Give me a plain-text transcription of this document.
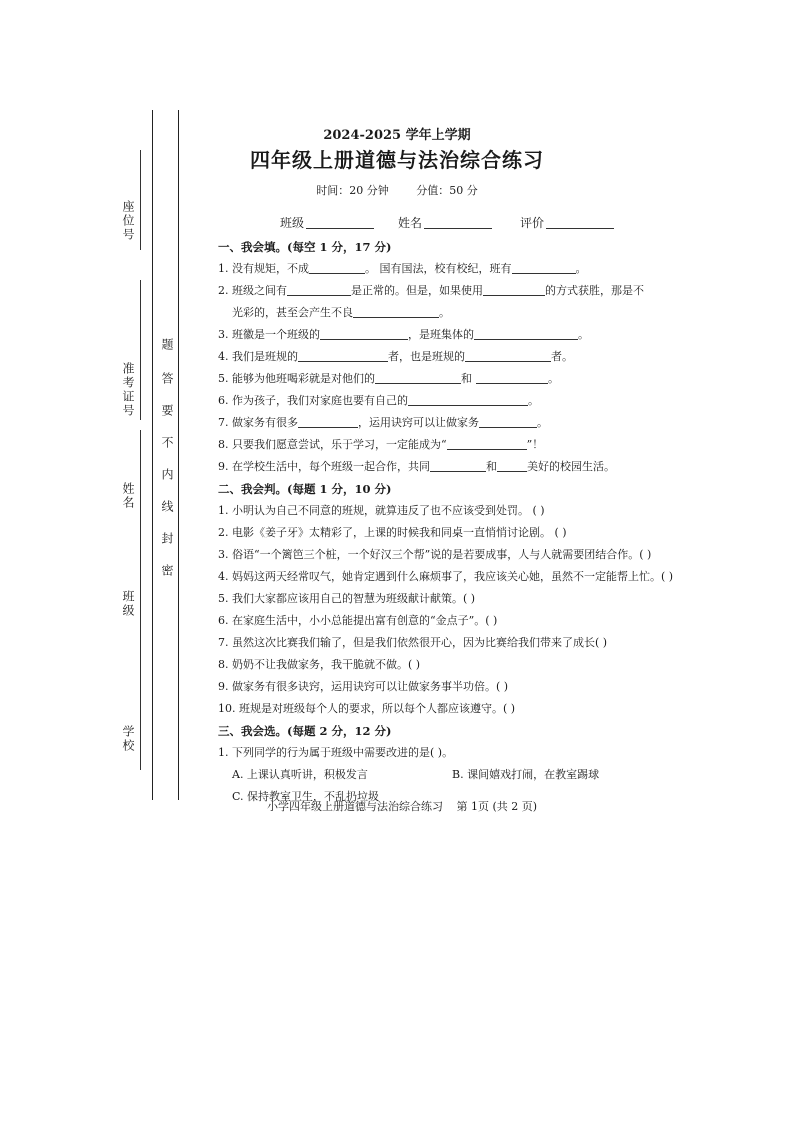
座位号
准考证号
姓名
班级
学校
题
答
要
不
内
线
封
密
2024-2025 学年上学期
四年级上册道德与法治综合练习
时间：20 分钟	分值：50 分
班级	姓名	评价
一、我会填。(每空 1 分，17 分)
1. 没有规矩，不成	。 国有国法，校有校纪，班有	。
2. 班级之间有	是正常的。但是，如果使用	的方式获胜，那是不
光彩的，甚至会产生不良	。
3. 班徽是一个班级的	，是班集体的	。
4. 我们是班规的	者，也是班规的	者。
5. 能够为他班喝彩就是对他们的	和	。
6. 作为孩子，我们对家庭也要有自己的	。
7. 做家务有很多	，运用诀窍可以让做家务	。
8. 只要我们愿意尝试，乐于学习，一定能成为“	”！
9. 在学校生活中，每个班级一起合作，共同	和	美好的校园生活。
二、我会判。(每题 1 分，10 分)
1. 小明认为自己不同意的班规，就算违反了也不应该受到处罚。 ( )
2. 电影《姜子牙》太精彩了，上课的时候我和同桌一直悄悄讨论剧。 ( )
3. 俗语“一个篱笆三个桩，一个好汉三个帮”说的是若要成事，人与人就需要团结合作。( )
4. 妈妈这两天经常叹气，她肯定遇到什么麻烦事了，我应该关心她，虽然不一定能帮上忙。( )
5. 我们大家都应该用自己的智慧为班级献计献策。( )
6. 在家庭生活中，小小总能提出富有创意的“金点子”。( )
7. 虽然这次比赛我们输了，但是我们依然很开心，因为比赛给我们带来了成长( )
8. 奶奶不让我做家务，我干脆就不做。( )
9. 做家务有很多诀窍，运用诀窍可以让做家务事半功倍。( )
10. 班规是对班级每个人的要求，所以每个人都应该遵守。( )
三、我会选。(每题 2 分，12 分)
1. 下列同学的行为属于班级中需要改进的是( )。
A. 上课认真听讲，积极发言	B. 课间嬉戏打闹，在教室踢球
C. 保持教室卫生，不乱扔垃圾
小学四年级上册道德与法治综合练习 第 1页 (共 2 页)
